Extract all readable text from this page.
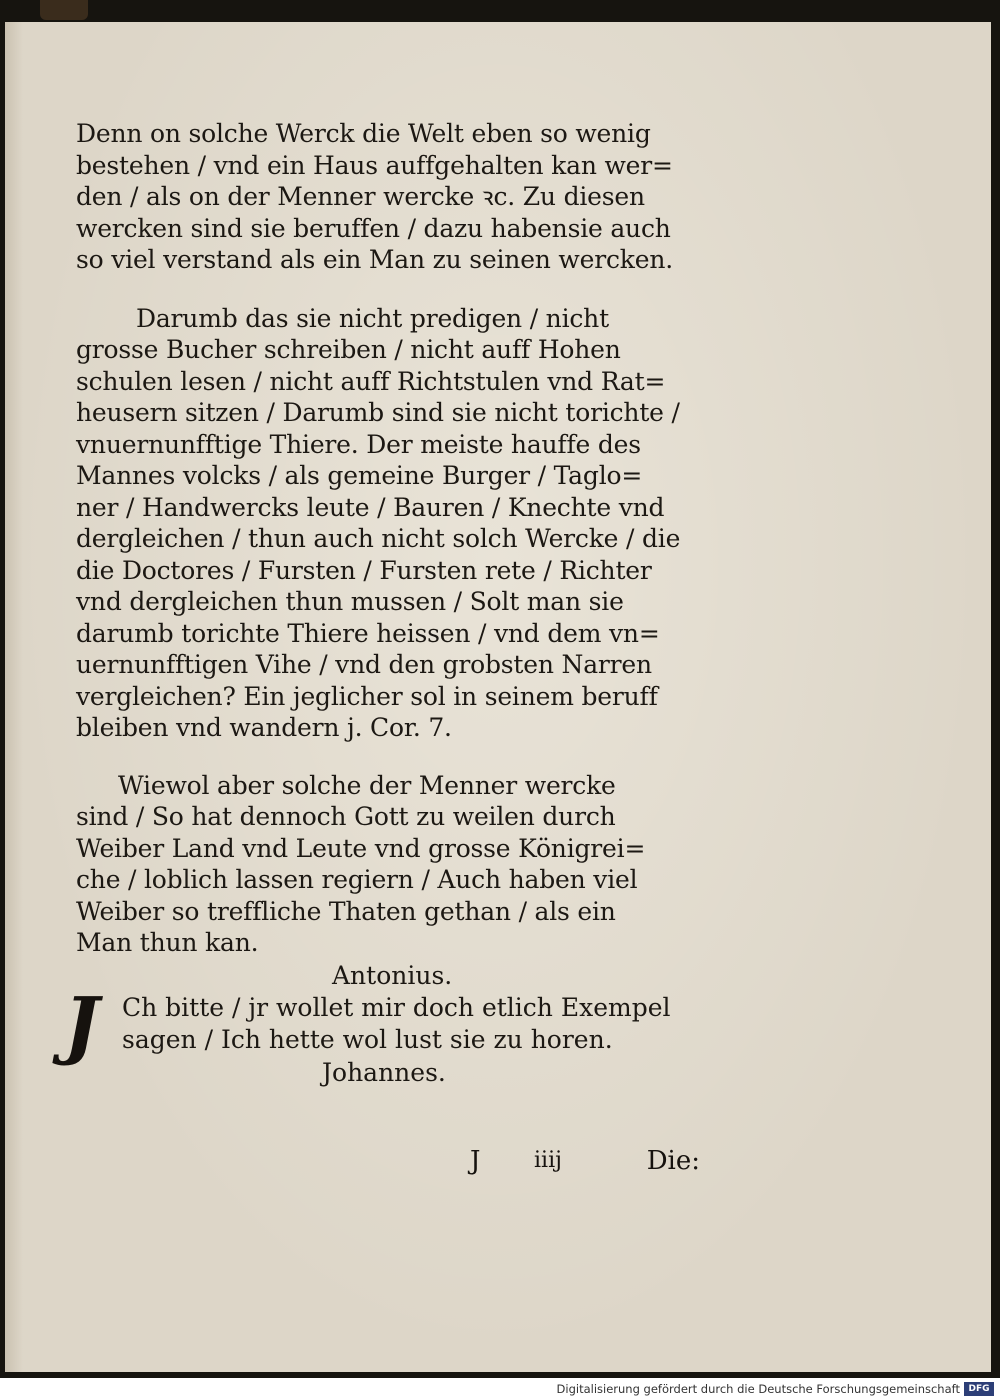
Denn on solche Werck die Welt eben so wenig
bestehen / vnd ein Haus auffgehalten kan wer=
den / als on der Menner wercke ꝛc. Zu diesen
wercken sind sie beruffen / dazu habensie auch
so viel verstand als ein Man zu seinen wercken.
Darumb das sie nicht predigen / nicht
grosse Bucher schreiben / nicht auff Hohen
schulen lesen / nicht auff Richtstulen vnd Rat=
heusern sitzen / Darumb sind sie nicht torichte /
vnuernunfftige Thiere. Der meiste hauffe des
Mannes volcks / als gemeine Burger / Taglo=
ner / Handwercks leute / Bauren / Knechte vnd
dergleichen / thun auch nicht solch Wercke / die
die Doctores / Fursten / Fursten rete / Richter
vnd dergleichen thun mussen / Solt man sie
darumb torichte Thiere heissen / vnd dem vn=
uernunfftigen Vihe / vnd den grobsten Narren
vergleichen? Ein jeglicher sol in seinem beruff
bleiben vnd wandern j. Cor. 7.
Wiewol aber solche der Menner wercke
sind / So hat dennoch Gott zu weilen durch
Weiber Land vnd Leute vnd grosse Königrei=
che / loblich lassen regiern / Auch haben viel
Weiber so treffliche Thaten gethan / als ein
Man thun kan.
Antonius.
J Ch bitte / jr wollet mir doch etlich Exempel
sagen / Ich hette wol lust sie zu horen.
Johannes.
J iiij	Die:
Digitalisierung gefördert durch die Deutsche Forschungsgemeinschaft DFG
